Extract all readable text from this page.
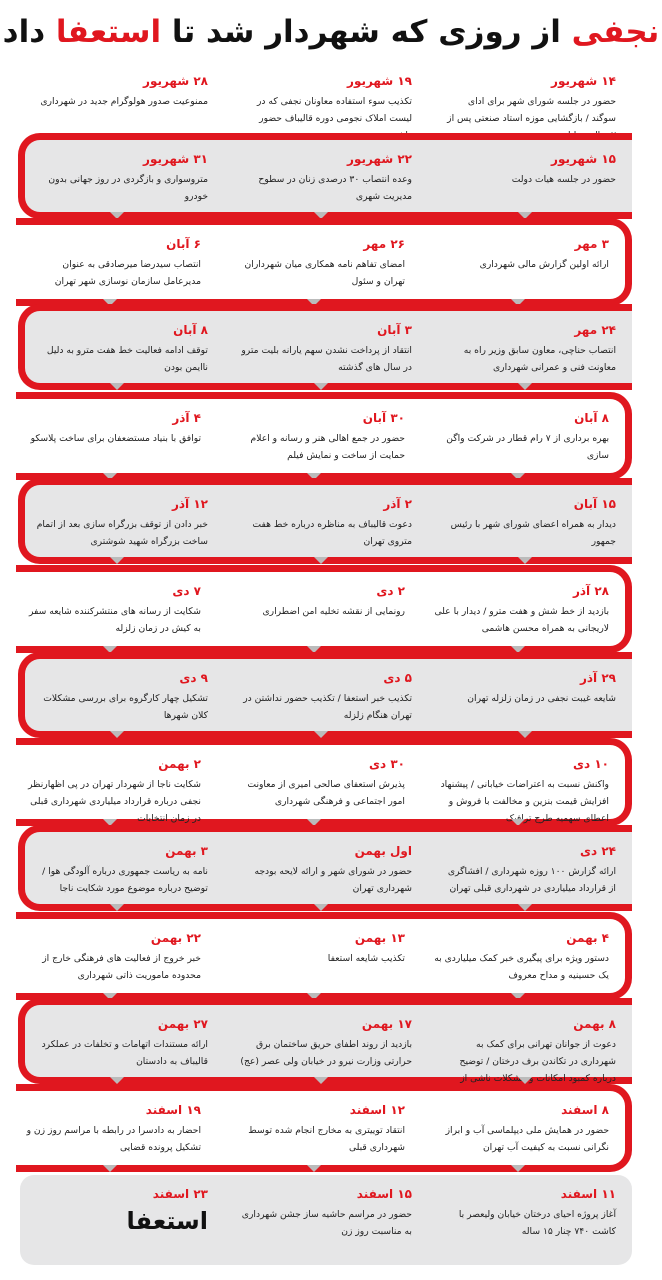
نجفی از روزی که شهردار شد تا استعفا داد
۱۴ شهریور
حضور در جلسه شورای شهر برای ادای سوگند / بازگشایی موزه استاد صنعتی پس از
۱۹ شهریور
تکذیب سوء استفاده معاونان نجفی که در لیست املاک نجومی دوره قالیباف حضور
۲۸ شهریور
ممنوعیت صدور هولوگرام جدید در شهرداری
۱۵ شهریور
حضور در جلسه هیات دولت
۲۲ شهریور
وعده انتصاب ۳۰ درصدی زنان در سطوح مدیریت شهری
۳۱ شهریور
متروسواری و بازگردی در روز جهانی بدون خودرو
۳ مهر
ارائه اولین گزارش مالی شهرداری
۲۶ مهر
امضای تفاهم نامه همکاری میان شهرداران تهران و سئول
۶ آبان
انتصاب سیدرضا میرصادقی به عنوان مدیرعامل سازمان نوسازی شهر تهران
۲۴ مهر
انتصاب حناچی، معاون سابق وزیر راه به معاونت فنی و عمرانی شهرداری
۳ آبان
انتقاد از پرداخت نشدن سهم یارانه بلیت مترو در سال های گذشته
۸ آبان
توقف ادامه فعالیت خط هفت مترو به دلیل ناایمن بودن
۸ آبان
بهره برداری از ۷ رام قطار در شرکت واگن سازی
۳۰ آبان
حضور در جمع اهالی هنر و رسانه و اعلام حمایت از ساخت و نمایش فیلم
۴ آذر
توافق با بنیاد مستضعفان برای ساخت پلاسکو
۱۵ آبان
دیدار به همراه اعضای شورای شهر با رئیس جمهور
۲ آذر
دعوت قالیباف به مناظره درباره خط هفت متروی تهران
۱۲ آذر
خبر دادن از توقف بزرگراه سازی بعد از اتمام ساخت بزرگراه شهید شوشتری
۲۸ آذر
بازدید از خط شش و هفت مترو / دیدار با علی لاریجانی به همراه محسن هاشمی
۲ دی
رونمایی از نقشه تخلیه امن اضطراری
۷ دی
شکایت از رسانه های منتشرکننده شایعه سفر به کیش در زمان زلزله
۲۹ آذر
شایعه غیبت نجفی در زمان زلزله تهران
۵ دی
تکذیب خبر استعفا / تکذیب حضور نداشتن در تهران هنگام زلزله
۹ دی
تشکیل چهار کارگروه برای بررسی مشکلات کلان شهرها
۱۰ دی
واکنش نسبت به اعتراضات خیابانی / پیشنهاد افزایش قیمت بنزین و مخالفت با فروش و اعطای سهمیه طرح ترافیک
۳۰ دی
پذیرش استعفای صالحی امیری از معاونت امور اجتماعی و فرهنگی شهرداری
۲ بهمن
شکایت ناجا از شهردار تهران در پی اظهارنظر نجفی درباره قرارداد میلیاردی شهرداری قبلی در زمان انتخابات
۲۴ دی
ارائه گزارش ۱۰۰ روزه شهرداری / افشاگری از قرارداد میلیاردی در شهرداری قبلی تهران
اول بهمن
حضور در شورای شهر و ارائه لایحه بودجه شهرداری تهران
۳ بهمن
نامه به ریاست جمهوری درباره آلودگی هوا / توضیح درباره موضوع مورد شکایت ناجا
۴ بهمن
دستور ویژه برای پیگیری خبر کمک میلیاردی به یک حسینیه و مداح معروف
۱۳ بهمن
تکذیب شایعه استعفا
۲۲ بهمن
خبر خروج از فعالیت های فرهنگی خارج از محدوده ماموریت ذاتی شهرداری
۸ بهمن
دعوت از جوانان تهرانی برای کمک به شهرداری در تکاندن برف درختان / توضیح درباره کمبود امکانات و مشکلات ناشی از
۱۷ بهمن
بازدید از روند اطفای حریق ساختمان برق حرارتی وزارت نیرو در خیابان ولی عصر (عج)
۲۷ بهمن
ارائه مستندات اتهامات و تخلفات در عملکرد قالیباف به دادستان
۸ اسفند
حضور در همایش ملی دیپلماسی آب و ابراز نگرانی نسبت به کیفیت آب تهران
۱۲ اسفند
انتقاد توییتری به مخارج انجام شده توسط شهرداری قبلی
۱۹ اسفند
احضار به دادسرا در رابطه با مراسم روز زن و تشکیل پرونده قضایی
۱۱ اسفند
آغاز پروژه احیای درختان خیابان ولیعصر با کاشت ۷۴۰ چنار ۱۵ ساله
۱۵ اسفند
حضور در مراسم حاشیه ساز جشن شهرداری به مناسبت روز زن
۲۳ اسفند
استعفا
